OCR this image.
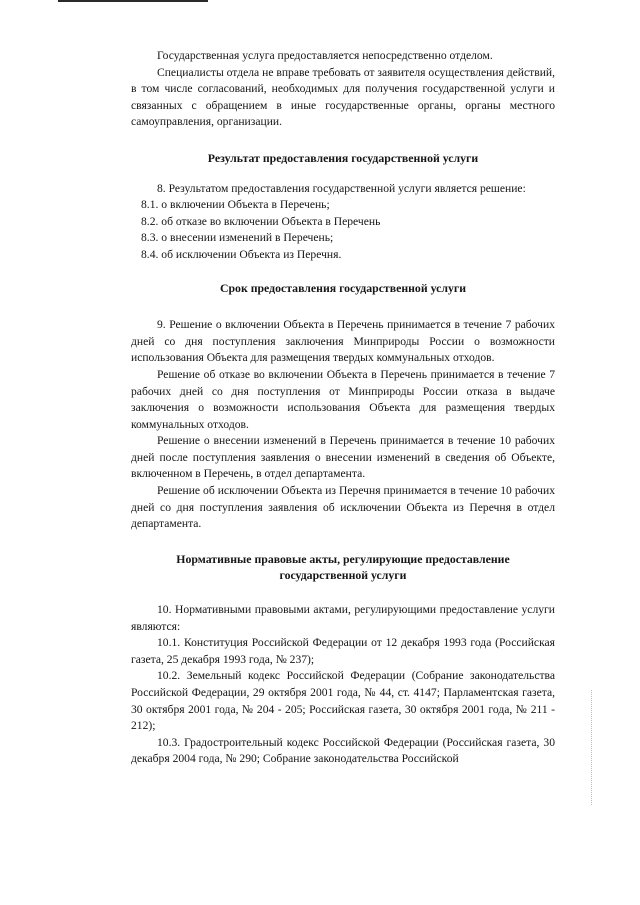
Государственная услуга предоставляется непосредственно отделом.

Специалисты отдела не вправе требовать от заявителя осуществления действий, в том числе согласований, необходимых для получения государственной услуги и связанных с обращением в иные государственные органы, органы местного самоуправления, организации.

Результат предоставления государственной услуги

8. Результатом предоставления государственной услуги является решение:

8.1. о включении Объекта в Перечень;

8.2. об отказе во включении Объекта в Перечень

8.3. о внесении изменений в Перечень;

8.4. об исключении Объекта из Перечня.

Срок предоставления государственной услуги

9. Решение о включении Объекта в Перечень принимается в течение 7 рабочих дней со дня поступления заключения Минприроды России о возможности использования Объекта для размещения твердых коммунальных отходов.

Решение об отказе во включении Объекта в Перечень принимается в течение 7 рабочих дней со дня поступления от Минприроды России отказа в выдаче заключения о возможности использования Объекта для размещения твердых коммунальных отходов.

Решение о внесении изменений в Перечень принимается в течение 10 рабочих дней после поступления заявления о внесении изменений в сведения об Объекте, включенном в Перечень, в отдел департамента.

Решение об исключении Объекта из Перечня принимается в течение 10 рабочих дней со дня поступления заявления об исключении Объекта из Перечня в отдел департамента.

Нормативные правовые акты, регулирующие предоставление государственной услуги

10. Нормативными правовыми актами, регулирующими предоставление услуги являются:

10.1. Конституция Российской Федерации от 12 декабря 1993 года (Российская газета, 25 декабря 1993 года, № 237);

10.2. Земельный кодекс Российской Федерации (Собрание законодательства Российской Федерации, 29 октября 2001 года, № 44, ст. 4147; Парламентская газета, 30 октября 2001 года, № 204 - 205; Российская газета, 30 октября 2001 года, № 211 - 212);

10.3. Градостроительный кодекс Российской Федерации (Российская газета, 30 декабря 2004 года, № 290; Собрание законодательства Российской
